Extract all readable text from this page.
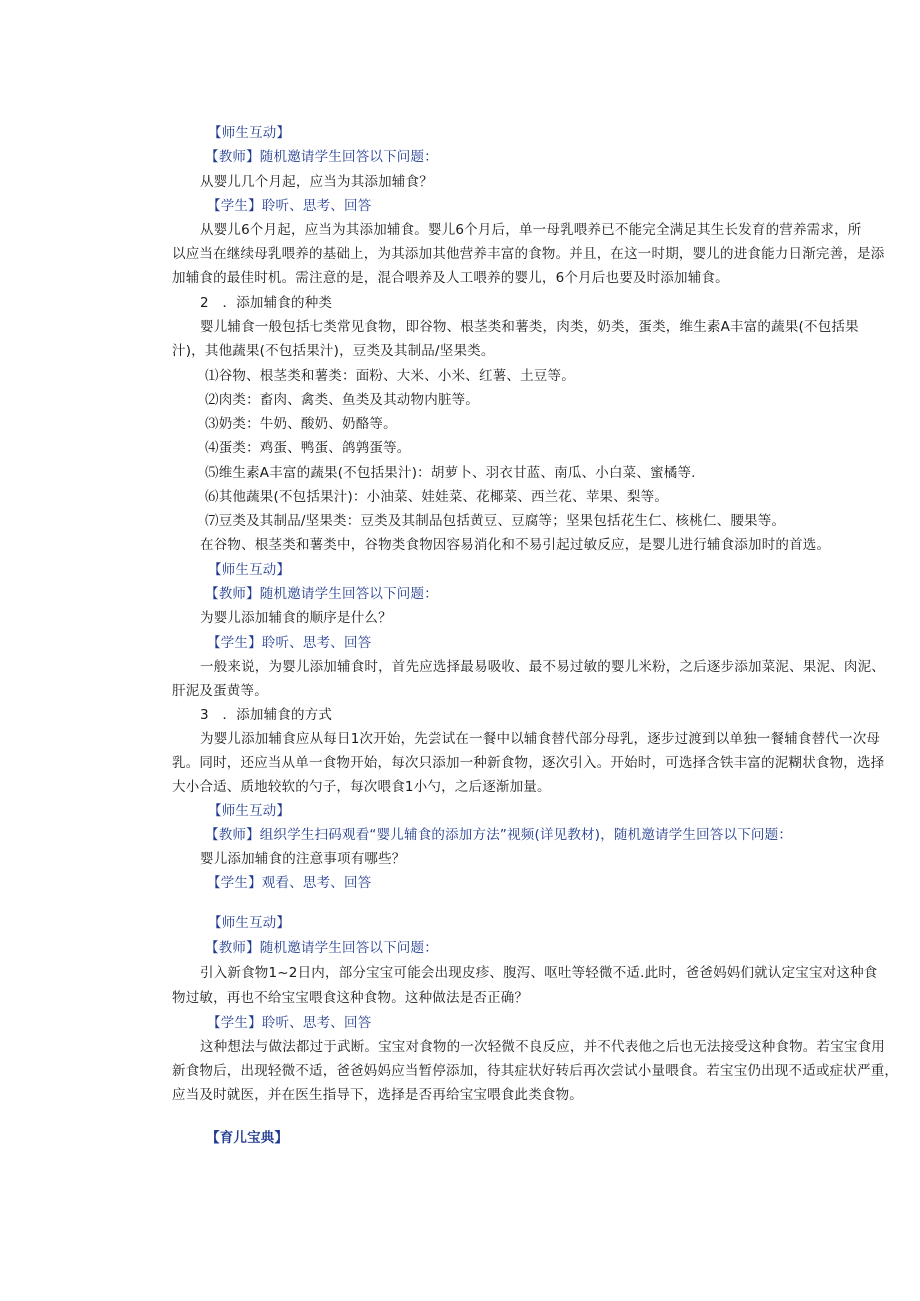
【师生互动】
【教师】随机邀请学生回答以下问题：
从婴儿几个月起，应当为其添加辅食？
【学生】聆听、思考、回答
从婴儿6个月起，应当为其添加辅食。婴儿6个月后，单一母乳喂养已不能完全满足其生长发育的营养需求，所
以应当在继续母乳喂养的基础上，为其添加其他营养丰富的食物。并且，在这一时期，婴儿的进食能力日渐完善，是添
加辅食的最佳时机。需注意的是，混合喂养及人工喂养的婴儿，6个月后也要及时添加辅食。
2　．添加辅食的种类
婴儿辅食一般包括七类常见食物，即谷物、根茎类和薯类，肉类，奶类，蛋类，维生素A丰富的蔬果(不包括果
汁)，其他蔬果(不包括果汁)，豆类及其制品/坚果类。
⑴谷物、根茎类和薯类：面粉、大米、小米、红薯、土豆等。
⑵肉类：畜肉、禽类、鱼类及其动物内脏等。
⑶奶类：牛奶、酸奶、奶酪等。
⑷蛋类：鸡蛋、鸭蛋、鸽鹑蛋等。
⑸维生素A丰富的蔬果(不包括果汁)：胡萝卜、羽衣甘蓝、南瓜、小白菜、蜜橘等.
⑹其他蔬果(不包括果汁)：小油菜、娃娃菜、花椰菜、西兰花、苹果、梨等。
⑺豆类及其制品/坚果类：豆类及其制品包括黄豆、豆腐等；坚果包括花生仁、核桃仁、腰果等。
在谷物、根茎类和薯类中，谷物类食物因容易消化和不易引起过敏反应，是婴儿进行辅食添加时的首选。
【师生互动】
【教师】随机邀请学生回答以下问题：
为婴儿添加辅食的顺序是什么？
【学生】聆听、思考、回答
一般来说，为婴儿添加辅食时，首先应选择最易吸收、最不易过敏的婴儿米粉，之后逐步添加菜泥、果泥、肉泥、
肝泥及蛋黄等。
3　．添加辅食的方式
为婴儿添加辅食应从每日1次开始，先尝试在一餐中以辅食替代部分母乳，逐步过渡到以单独一餐辅食替代一次母
乳。同时，还应当从单一食物开始，每次只添加一种新食物，逐次引入。开始时，可选择含铁丰富的泥糊状食物，选择
大小合适、质地较软的勺子，每次喂食1小勺，之后逐渐加量。
【师生互动】
【教师】组织学生扫码观看“婴儿辅食的添加方法”视频(详见教材)，随机邀请学生回答以下问题：
婴儿添加辅食的注意事项有哪些？
【学生】观看、思考、回答
【师生互动】
【教师】随机邀请学生回答以下问题：
引入新食物1~2日内，部分宝宝可能会出现皮疹、腹泻、呕吐等轻微不适.此时，爸爸妈妈们就认定宝宝对这种食
物过敏，再也不给宝宝喂食这种食物。这种做法是否正确？
【学生】聆听、思考、回答
这种想法与做法都过于武断。宝宝对食物的一次轻微不良反应，并不代表他之后也无法接受这种食物。若宝宝食用
新食物后，出现轻微不适，爸爸妈妈应当暂停添加，待其症状好转后再次尝试小量喂食。若宝宝仍出现不适或症状严重，
应当及时就医，并在医生指导下，选择是否再给宝宝喂食此类食物。
【育儿宝典】
